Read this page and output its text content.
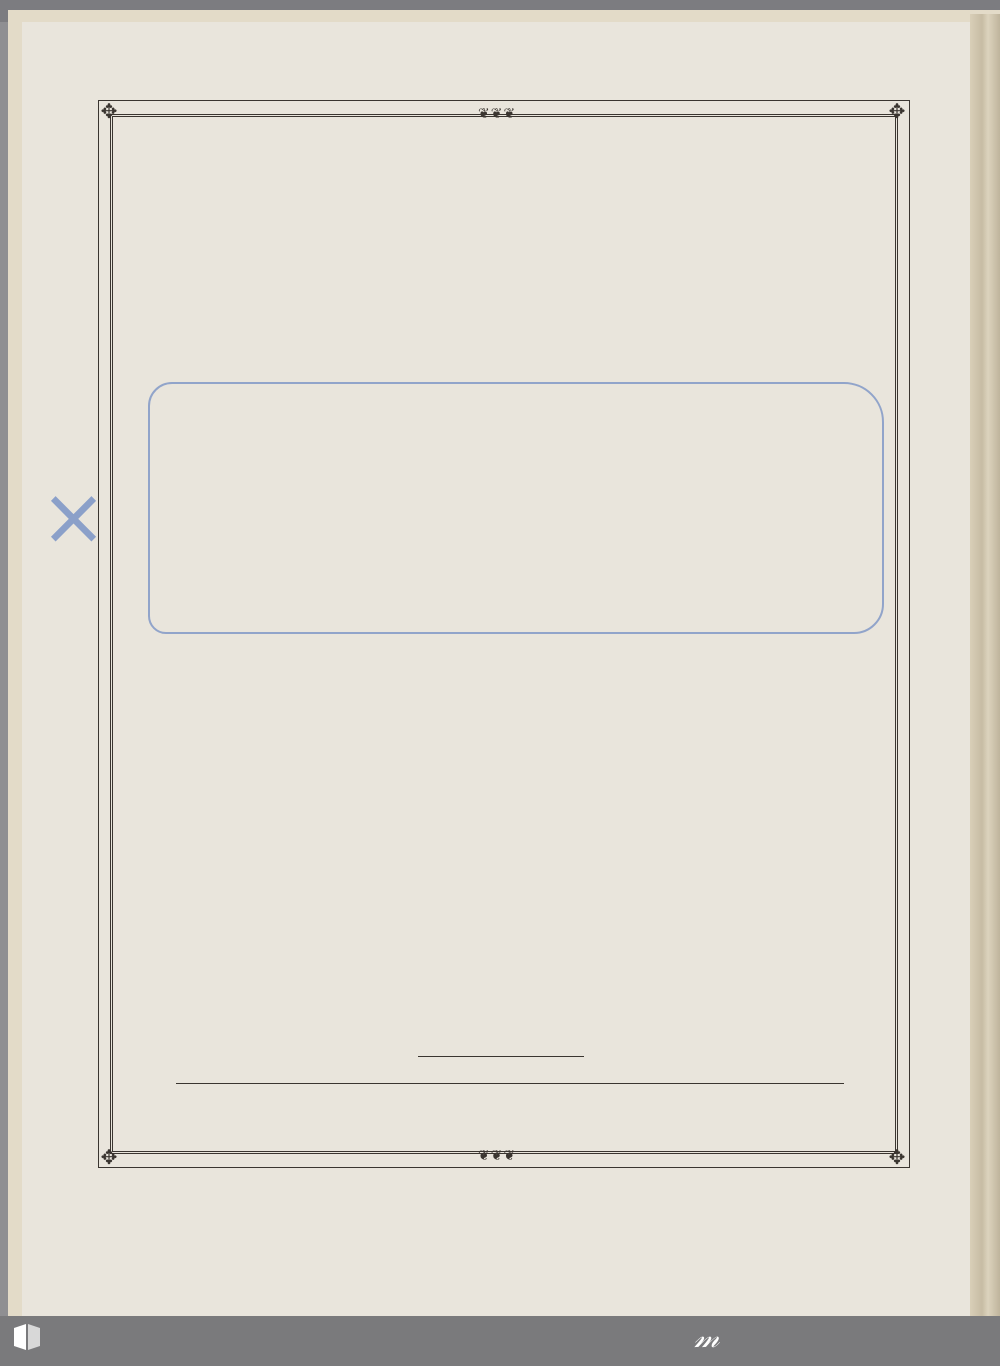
✥	✥
✥	✥
❦❦❦
❦❦❦
×
𝓂
